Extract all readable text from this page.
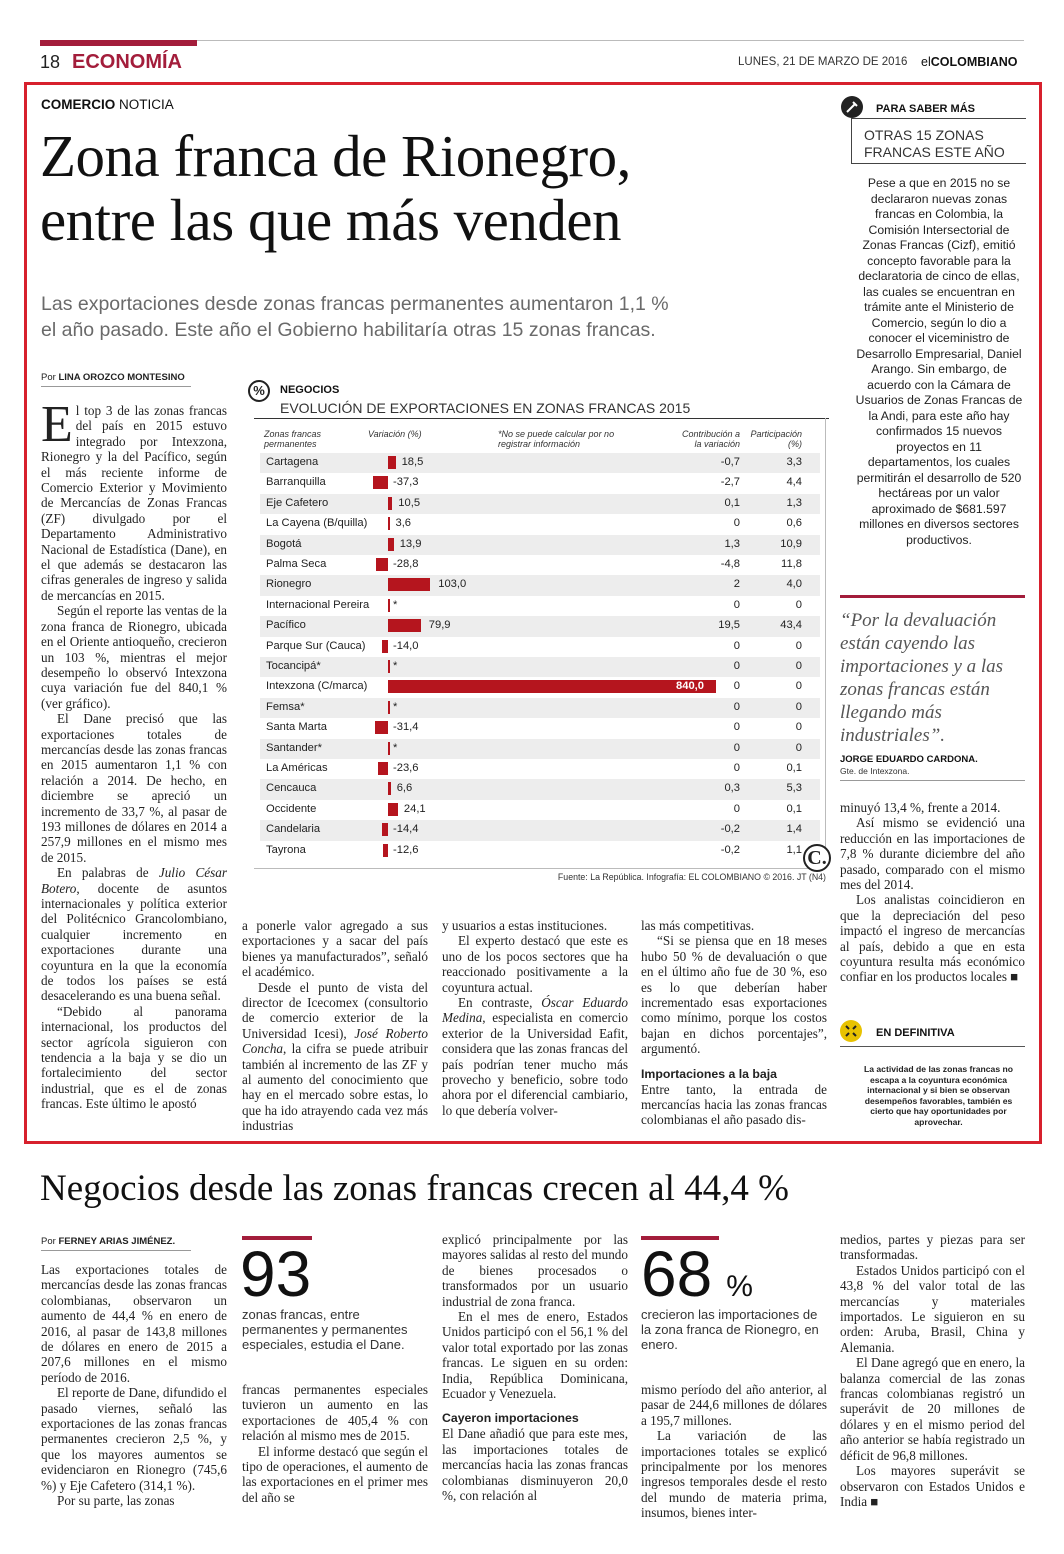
18 ECONOMÍA	LUNES, 21 DE MARZO DE 2016 elCOLOMBIANO
COMERCIO NOTICIA
Zona franca de Rionegro,
entre las que más venden
Las exportaciones desde zonas francas permanentes aumentaron 1,1 %
el año pasado. Este año el Gobierno habilitaría otras 15 zonas francas.
Por LINA OROZCO MONTESINO

El top 3 de las zonas francas del país en 2015 estuvo integrado por Intexzona, Rionegro y la del Pacífico, según el más reciente informe de Comercio Exterior y Movimiento de Mercancías de Zonas Francas (ZF) divulgado por el Departamento Administrativo Nacional de Estadística (Dane), en el que además se destacaron las cifras generales de ingreso y salida de mercancías en 2015.

Según el reporte las ventas de la zona franca de Rionegro, ubicada en el Oriente antioqueño, crecieron un 103 %, mientras el mejor desempeño lo observó Intexzona cuya variación fue del 840,1 % (ver gráfico).

El Dane precisó que las exportaciones totales de mercancías desde las zonas francas en 2015 aumentaron 1,1 % con relación a 2014. De hecho, en diciembre se apreció un incremento de 33,7 %, al pasar de 193 millones de dólares en 2014 a 257,9 millones en el mismo mes de 2015.

En palabras de Julio César Botero, docente de asuntos internacionales y política exterior del Politécnico Grancolombiano, cualquier incremento en exportaciones durante una coyuntura en la que la economía de todos los países se está desacelerando es una buena señal.

“Debido al panorama internacional, los productos del sector agrícola siguieron con tendencia a la baja y se dio un fortalecimiento del sector industrial, que es el de zonas francas. Este último le apostó

%	NEGOCIOS
EVOLUCIÓN DE EXPORTACIONES EN ZONAS FRANCAS 2015
Zonas francas permanentes
Variación (%)	*No se puede calcular por no registrar información
Contribución a la variación
Participación (%)
Cartagena	18,5	-0,7	3,3
Barranquilla	-37,3	-2,7	4,4
Eje Cafetero	10,5	0,1	1,3
La Cayena (B/quilla)	3,6	0	0,6
Bogotá	13,9	1,3	10,9
Palma Seca	-28,8	-4,8	11,8
Rionegro	103,0	2	4,0
Internacional Pereira *	0	0
Pacífico	79,9	19,5	43,4
Parque Sur (Cauca) -14,0	0	0
Tocancipá*	*	0	0
Intexzona (C/marca)	840,0	0	0
Femsa*	*	0	0
Santa Marta	-31,4	0	0
Santander*	*	0	0
La Américas	-23,6	0	0,1
Cencauca	6,6	0,3	5,3
Occidente	24,1	0	0,1
Candelaria	-14,4	-0,2	1,4
Tayrona	-12,6	-0,2	1,1 C.
Fuente: La República. Infografía: EL COLOMBIANO © 2016. JT (N4)

a ponerle valor agregado a sus exportaciones y a sacar del país bienes ya manufacturados”, señaló el académico.

Desde el punto de vista del director de Icecomex (consultorio de comercio exterior de la Universidad Icesi), José Roberto Concha, la cifra se puede atribuir también al incremento de las ZF y al aumento del conocimiento que hay en el mercado sobre estas, lo que ha ido atrayendo cada vez más industrias

y usuarios a estas instituciones.

El experto destacó que este es uno de los pocos sectores que ha reaccionado positivamente a la coyuntura actual.

En contraste, Óscar Eduardo Medina, especialista en comercio exterior de la Universidad Eafit, considera que las zonas francas del país podrían tener mucho más provecho y beneficio, sobre todo ahora por el diferencial cambiario, lo que debería volver-

las más competitivas.

“Si se piensa que en 18 meses hubo 50 % de devaluación o que en el último año fue de 30 %, eso es lo que deberían haber incrementado esas exportaciones como mínimo, porque los costos bajan en dichos porcentajes”, argumentó.

Importaciones a la baja

Entre tanto, la entrada de mercancías hacia las zonas francas colombianas el año pasado dis-

PARA SABER MÁS
OTRAS 15 ZONAS
FRANCAS ESTE AÑO
Pese a que en 2015 no se declararon nuevas zonas francas en Colombia, la Comisión Intersectorial de Zonas Francas (Cizf), emitió concepto favorable para la declaratoria de cinco de ellas, las cuales se encuentran en trámite ante el Ministerio de Comercio, según lo dio a conocer el viceministro de Desarrollo Empresarial, Daniel Arango. Sin embargo, de acuerdo con la Cámara de Usuarios de Zonas Francas de la Andi, para este año hay confirmados 15 nuevos proyectos en 11 departamentos, los cuales permitirán el desarrollo de 520 hectáreas por un valor aproximado de $681.597 millones en diversos sectores productivos.
“Por la devaluación están cayendo las importaciones y a las zonas francas están llegando más industriales”.
JORGE EDUARDO CARDONA.
Gte. de Intexzona.

minuyó 13,4 %, frente a 2014.

Así mismo se evidenció una reducción en las importaciones de 7,8 % durante diciembre del año pasado, comparado con el mismo mes del 2014.

Los analistas coincidieron en que la depreciación del peso impactó el ingreso de mercancías al país, debido a que en esta coyuntura resulta más económico confiar en los productos locales ■

EN DEFINITIVA
La actividad de las zonas francas no escapa a la coyuntura económica internacional y si bien se observan desempeños favorables, también es cierto que hay oportunidades por aprovechar.
Negocios desde las zonas francas crecen al 44,4 %
Por FERNEY ARIAS JIMÉNEZ.

Las exportaciones totales de mercancías desde las zonas francas colombianas, observaron un aumento de 44,4 % en enero de 2016, al pasar de 143,8 millones de dólares en enero de 2015 a 207,6 millones en el mismo período de 2016.

El reporte de Dane, difundido el pasado viernes, señaló las exportaciones de las zonas francas permanentes crecieron 2,5 %, y que los mayores aumentos se evidenciaron en Rionegro (745,6 %) y Eje Cafetero (314,1 %).

Por su parte, las zonas

93
zonas francas, entre permanentes y permanentes especiales, estudia el Dane.

francas permanentes especiales tuvieron un aumento en las exportaciones de 405,4 % con relación al mismo mes de 2015.

El informe destacó que según el tipo de operaciones, el aumento de las exportaciones en el primer mes del año se

explicó principalmente por las mayores salidas al resto del mundo de bienes procesados o transformados por un usuario industrial de zona franca.

En el mes de enero, Estados Unidos participó con el 56,1 % del valor total exportado por las zonas francas. Le siguen en su orden: India, República Dominicana, Ecuador y Venezuela.

Cayeron importaciones

El Dane añadió que para este mes, las importaciones totales de mercancías hacia las zonas francas colombianas disminuyeron 20,0 %, con relación al

68 %
crecieron las importaciones de la zona franca de Rionegro, en enero.

mismo período del año anterior, al pasar de 244,6 millones de dólares a 195,7 millones.

La variación de las importaciones totales se explicó principalmente por los menores ingresos temporales desde el resto del mundo de materia prima, insumos, bienes inter-

medios, partes y piezas para ser transformadas.

Estados Unidos participó con el 43,8 % del valor total de las mercancías y materiales importados. Le siguieron en su orden: Aruba, Brasil, China y Alemania.

El Dane agregó que en enero, la balanza comercial de las zonas francas colombianas registró un superávit de 20 millones de dólares y en el mismo period del año anterior se había registrado un déficit de 96,8 millones.

Los mayores superávit se observaron con Estados Unidos e India ■
